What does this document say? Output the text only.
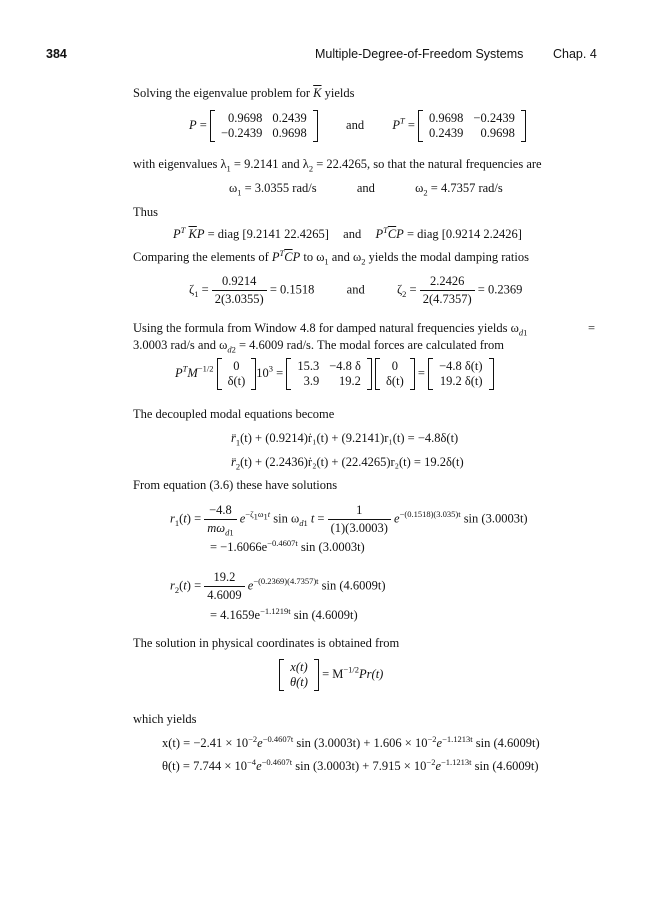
384	Multiple-Degree-of-Freedom Systems Chap. 4
Solving the eigenvalue problem for $\overline{K}$ yields
P = 0.9698	0.2439
−0.2439	0.9698
and $P^T = 0.9698$	−0.2439
0.2439	0.9698
with eigenvalues $\lambda_1 = 9.2141$ and $\lambda_2 = 22.4265$, so that the natural frequencies are
$\omega_1 = 3.0355$ rad/s	and	$\omega_2 = 4.7357$ rad/s
Thus
$P^T$ $\overline{K}P$ = diag [9.2141 22.4265] and $P^T\overline{C}P$ = diag [0.9214 2.2426]
Comparing the elements of $P^T\overline{C}P$ to $\omega_1$ and $\omega_2$ yields the modal damping ratios
$\zeta_1 = \frac{0.9214}{2(3.0355)} = 0.1518$	and  $\zeta_2 = \frac{2.2426}{2(4.7357)} = 0.2369$
Using the formula from Window 4.8 for damped natural frequencies yields $\omega_{d1}$	=
3.0003 rad/s and $\omega_{d2} = 4.6009$ rad/s. The modal forces are calculated from
$P^TM^{-1/2}$ 0
δ(t)
$10^3 = 15.3$	−4.8 δ
3.9	19.2

0
δ(t)
= −4.8 δ(t)
19.2 δ(t)
The decoupled modal equations become
$r̈_1(t)$ + (0.9214)ṙ₁(t) + (9.2141)r₁(t) = −4.8δ(t)
$r̈_2(t)$ + (2.2436)ṙ₂(t) + (22.4265)r₂(t) = 19.2δ(t)
From equation (3.6) these have solutions
$r_1(t) = \frac{-4.8}{m\omega_{d1}} e^{-\zeta_1\omega_1t}$ $\sin \omega_{d1}$ $t = \frac{1}{(1)(3.0003)} e^{-(0.1518)(3.035)t}$ sin (3.0003t)
= $-1.6066e^{-0.4607t}$ sin (3.0003t)
$r_2(t) = \frac{19.2}{4.6009} e^{-(0.2369)(4.7357)t}$ sin (4.6009t)
= $4.1659e^{-1.1219t}$ sin (4.6009t)
The solution in physical coordinates is obtained from
x(t)
θ(t)
= $M^{-1/2}Pr(t)$
which yields
$x(t) = -2.41 \times 10^{-2}e^{-0.4607t}$ $\sin (3.0003t) + 1.606 \times 10^{-2}e^{-1.1213t}$ sin (4.6009t)
$\theta(t) = 7.744 \times 10^{-4}e^{-0.4607t}$ $\sin (3.0003t) + 7.915 \times 10^{-2}e^{-1.1213t}$ sin (4.6009t)
